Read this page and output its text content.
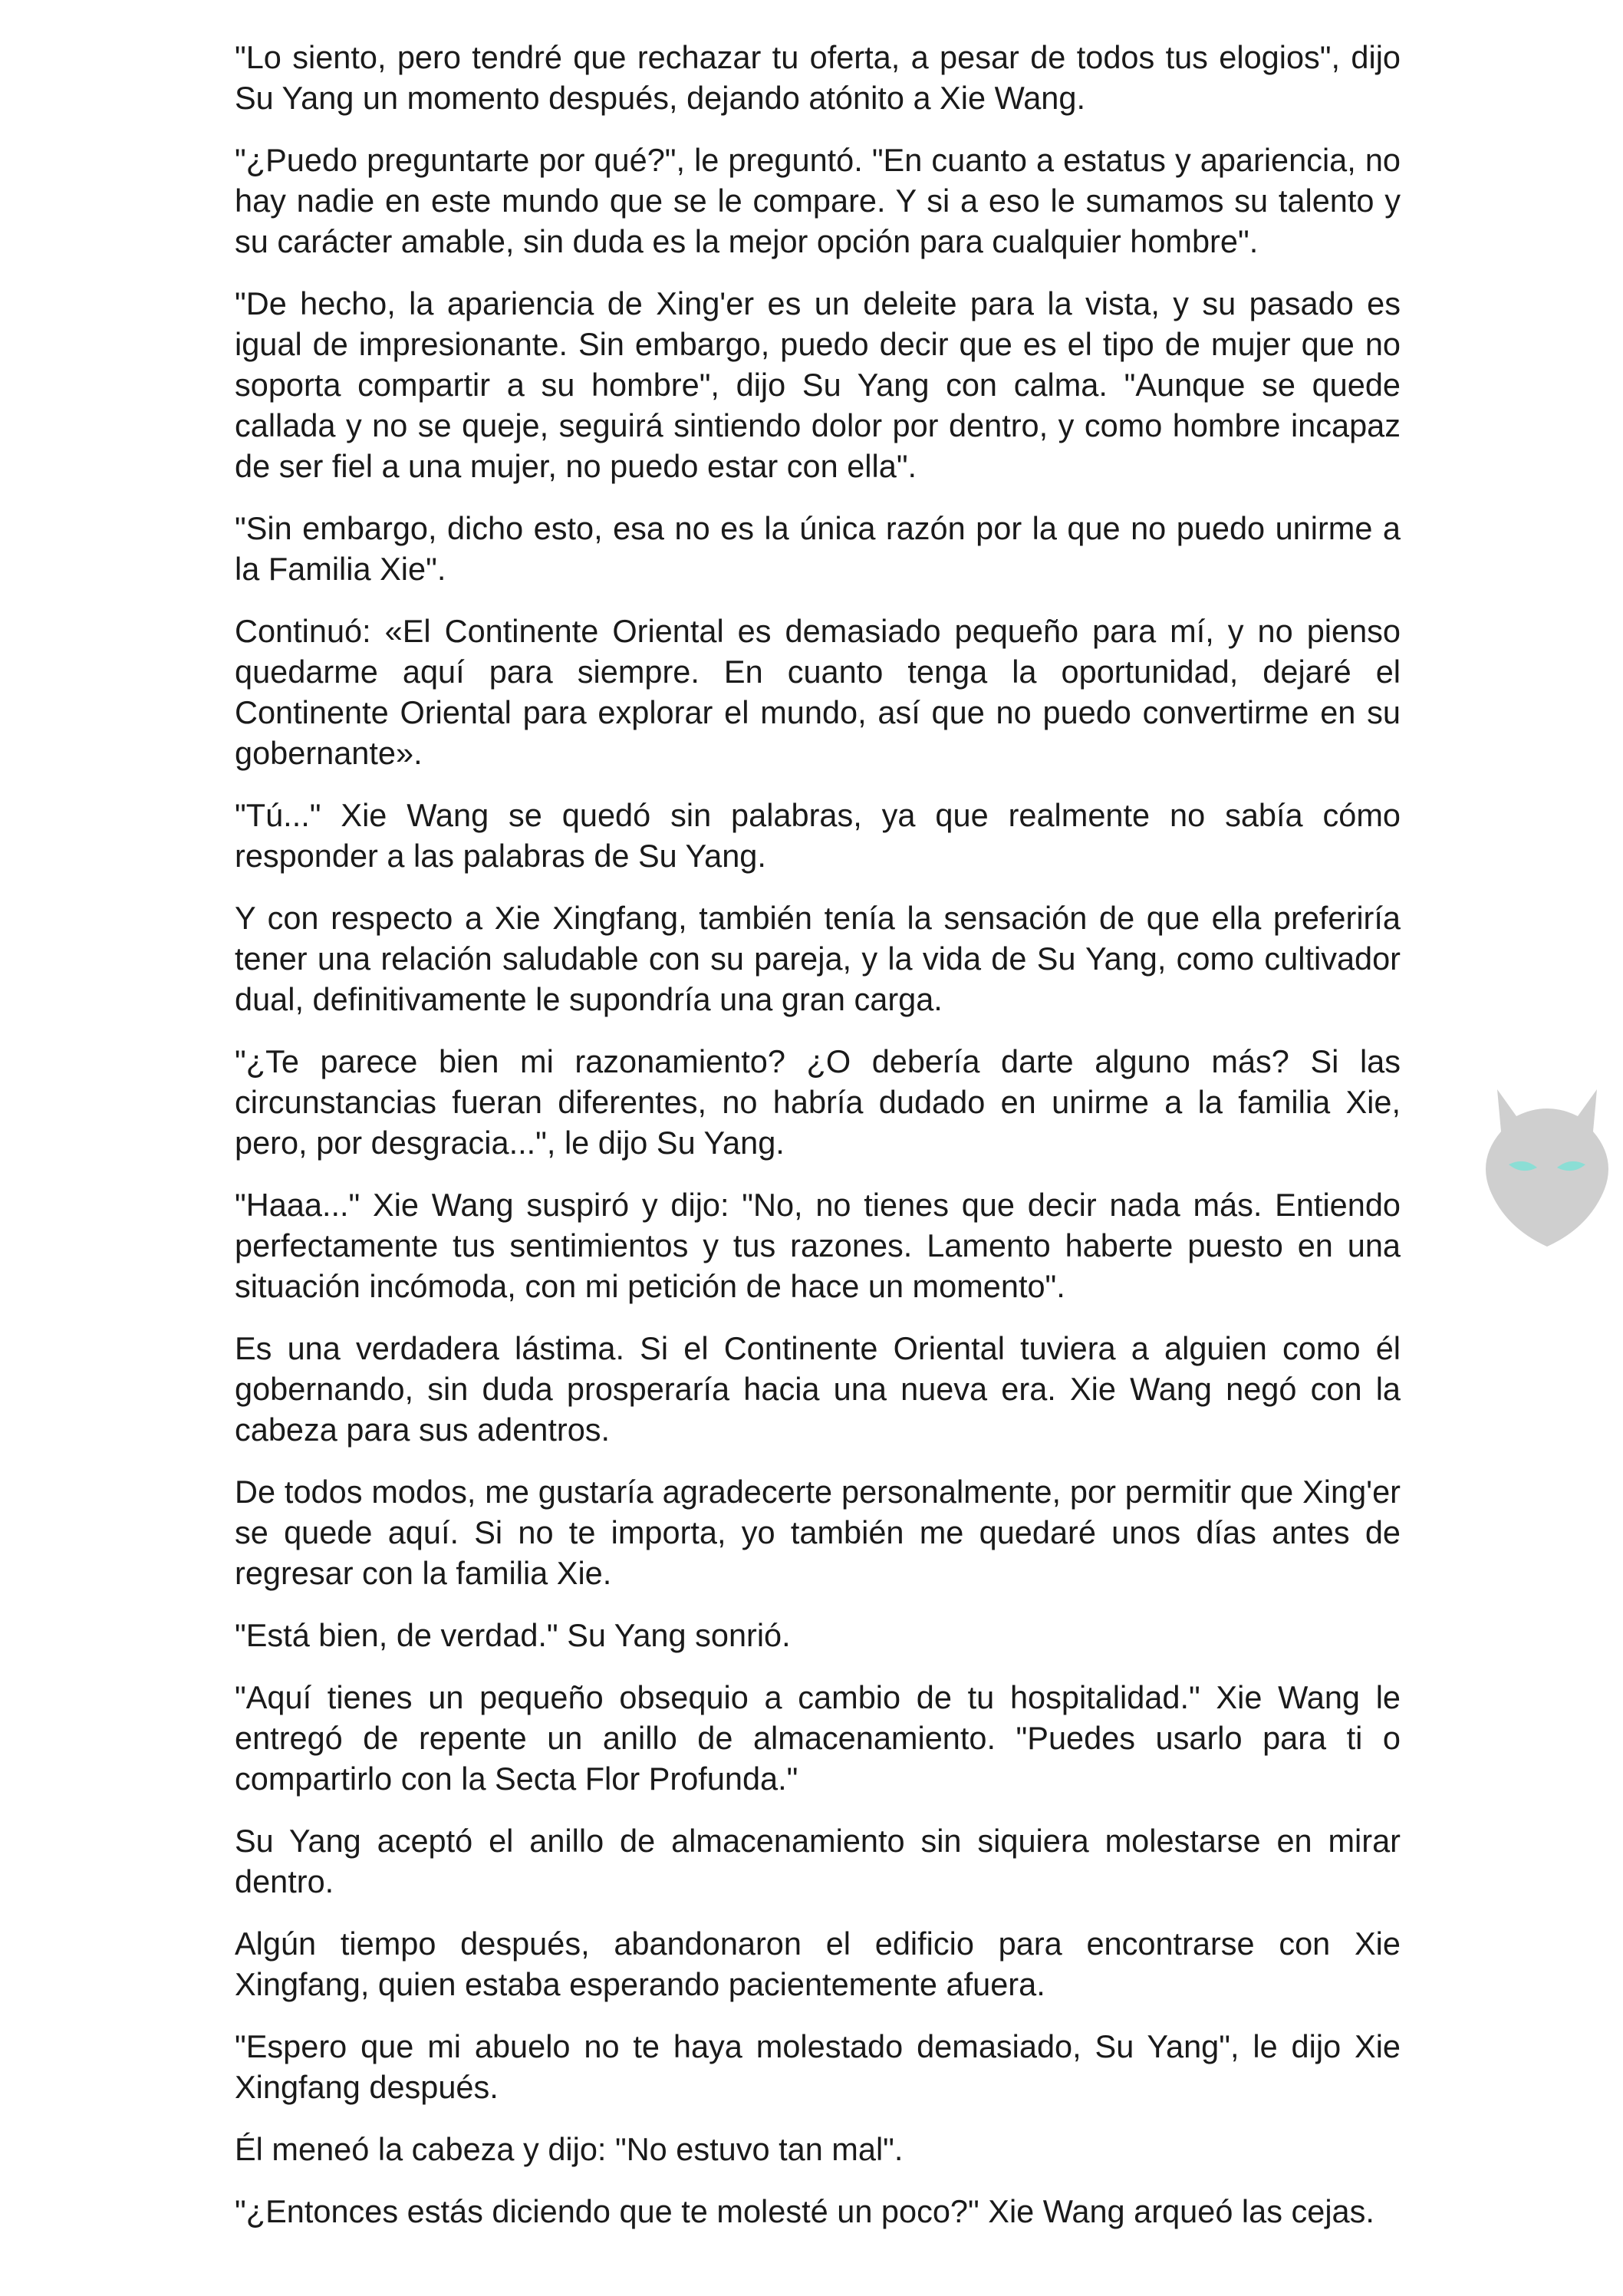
"Lo siento, pero tendré que rechazar tu oferta, a pesar de todos tus elogios", dijo Su Yang un momento después, dejando atónito a Xie Wang.

"¿Puedo preguntarte por qué?", le preguntó. "En cuanto a estatus y apariencia, no hay nadie en este mundo que se le compare. Y si a eso le sumamos su talento y su carácter amable, sin duda es la mejor opción para cualquier hombre".

"De hecho, la apariencia de Xing'er es un deleite para la vista, y su pasado es igual de impresionante. Sin embargo, puedo decir que es el tipo de mujer que no soporta compartir a su hombre", dijo Su Yang con calma. "Aunque se quede callada y no se queje, seguirá sintiendo dolor por dentro, y como hombre incapaz de ser fiel a una mujer, no puedo estar con ella".

"Sin embargo, dicho esto, esa no es la única razón por la que no puedo unirme a la Familia Xie".

Continuó: «El Continente Oriental es demasiado pequeño para mí, y no pienso quedarme aquí para siempre. En cuanto tenga la oportunidad, dejaré el Continente Oriental para explorar el mundo, así que no puedo convertirme en su gobernante».

"Tú..." Xie Wang se quedó sin palabras, ya que realmente no sabía cómo responder a las palabras de Su Yang.

Y con respecto a Xie Xingfang, también tenía la sensación de que ella preferiría tener una relación saludable con su pareja, y la vida de Su Yang, como cultivador dual, definitivamente le supondría una gran carga.

"¿Te parece bien mi razonamiento? ¿O debería darte alguno más? Si las circunstancias fueran diferentes, no habría dudado en unirme a la familia Xie, pero, por desgracia...", le dijo Su Yang.

"Haaa..." Xie Wang suspiró y dijo: "No, no tienes que decir nada más. Entiendo perfectamente tus sentimientos y tus razones. Lamento haberte puesto en una situación incómoda, con mi petición de hace un momento".

Es una verdadera lástima. Si el Continente Oriental tuviera a alguien como él gobernando, sin duda prosperaría hacia una nueva era. Xie Wang negó con la cabeza para sus adentros.

De todos modos, me gustaría agradecerte personalmente, por permitir que Xing'er se quede aquí. Si no te importa, yo también me quedaré unos días antes de regresar con la familia Xie.

"Está bien, de verdad." Su Yang sonrió.

"Aquí tienes un pequeño obsequio a cambio de tu hospitalidad." Xie Wang le entregó de repente un anillo de almacenamiento. "Puedes usarlo para ti o compartirlo con la Secta Flor Profunda."

Su Yang aceptó el anillo de almacenamiento sin siquiera molestarse en mirar dentro.

Algún tiempo después, abandonaron el edificio para encontrarse con Xie Xingfang, quien estaba esperando pacientemente afuera.

"Espero que mi abuelo no te haya molestado demasiado, Su Yang", le dijo Xie Xingfang después.

Él meneó la cabeza y dijo: "No estuvo tan mal".

"¿Entonces estás diciendo que te molesté un poco?" Xie Wang arqueó las cejas.
